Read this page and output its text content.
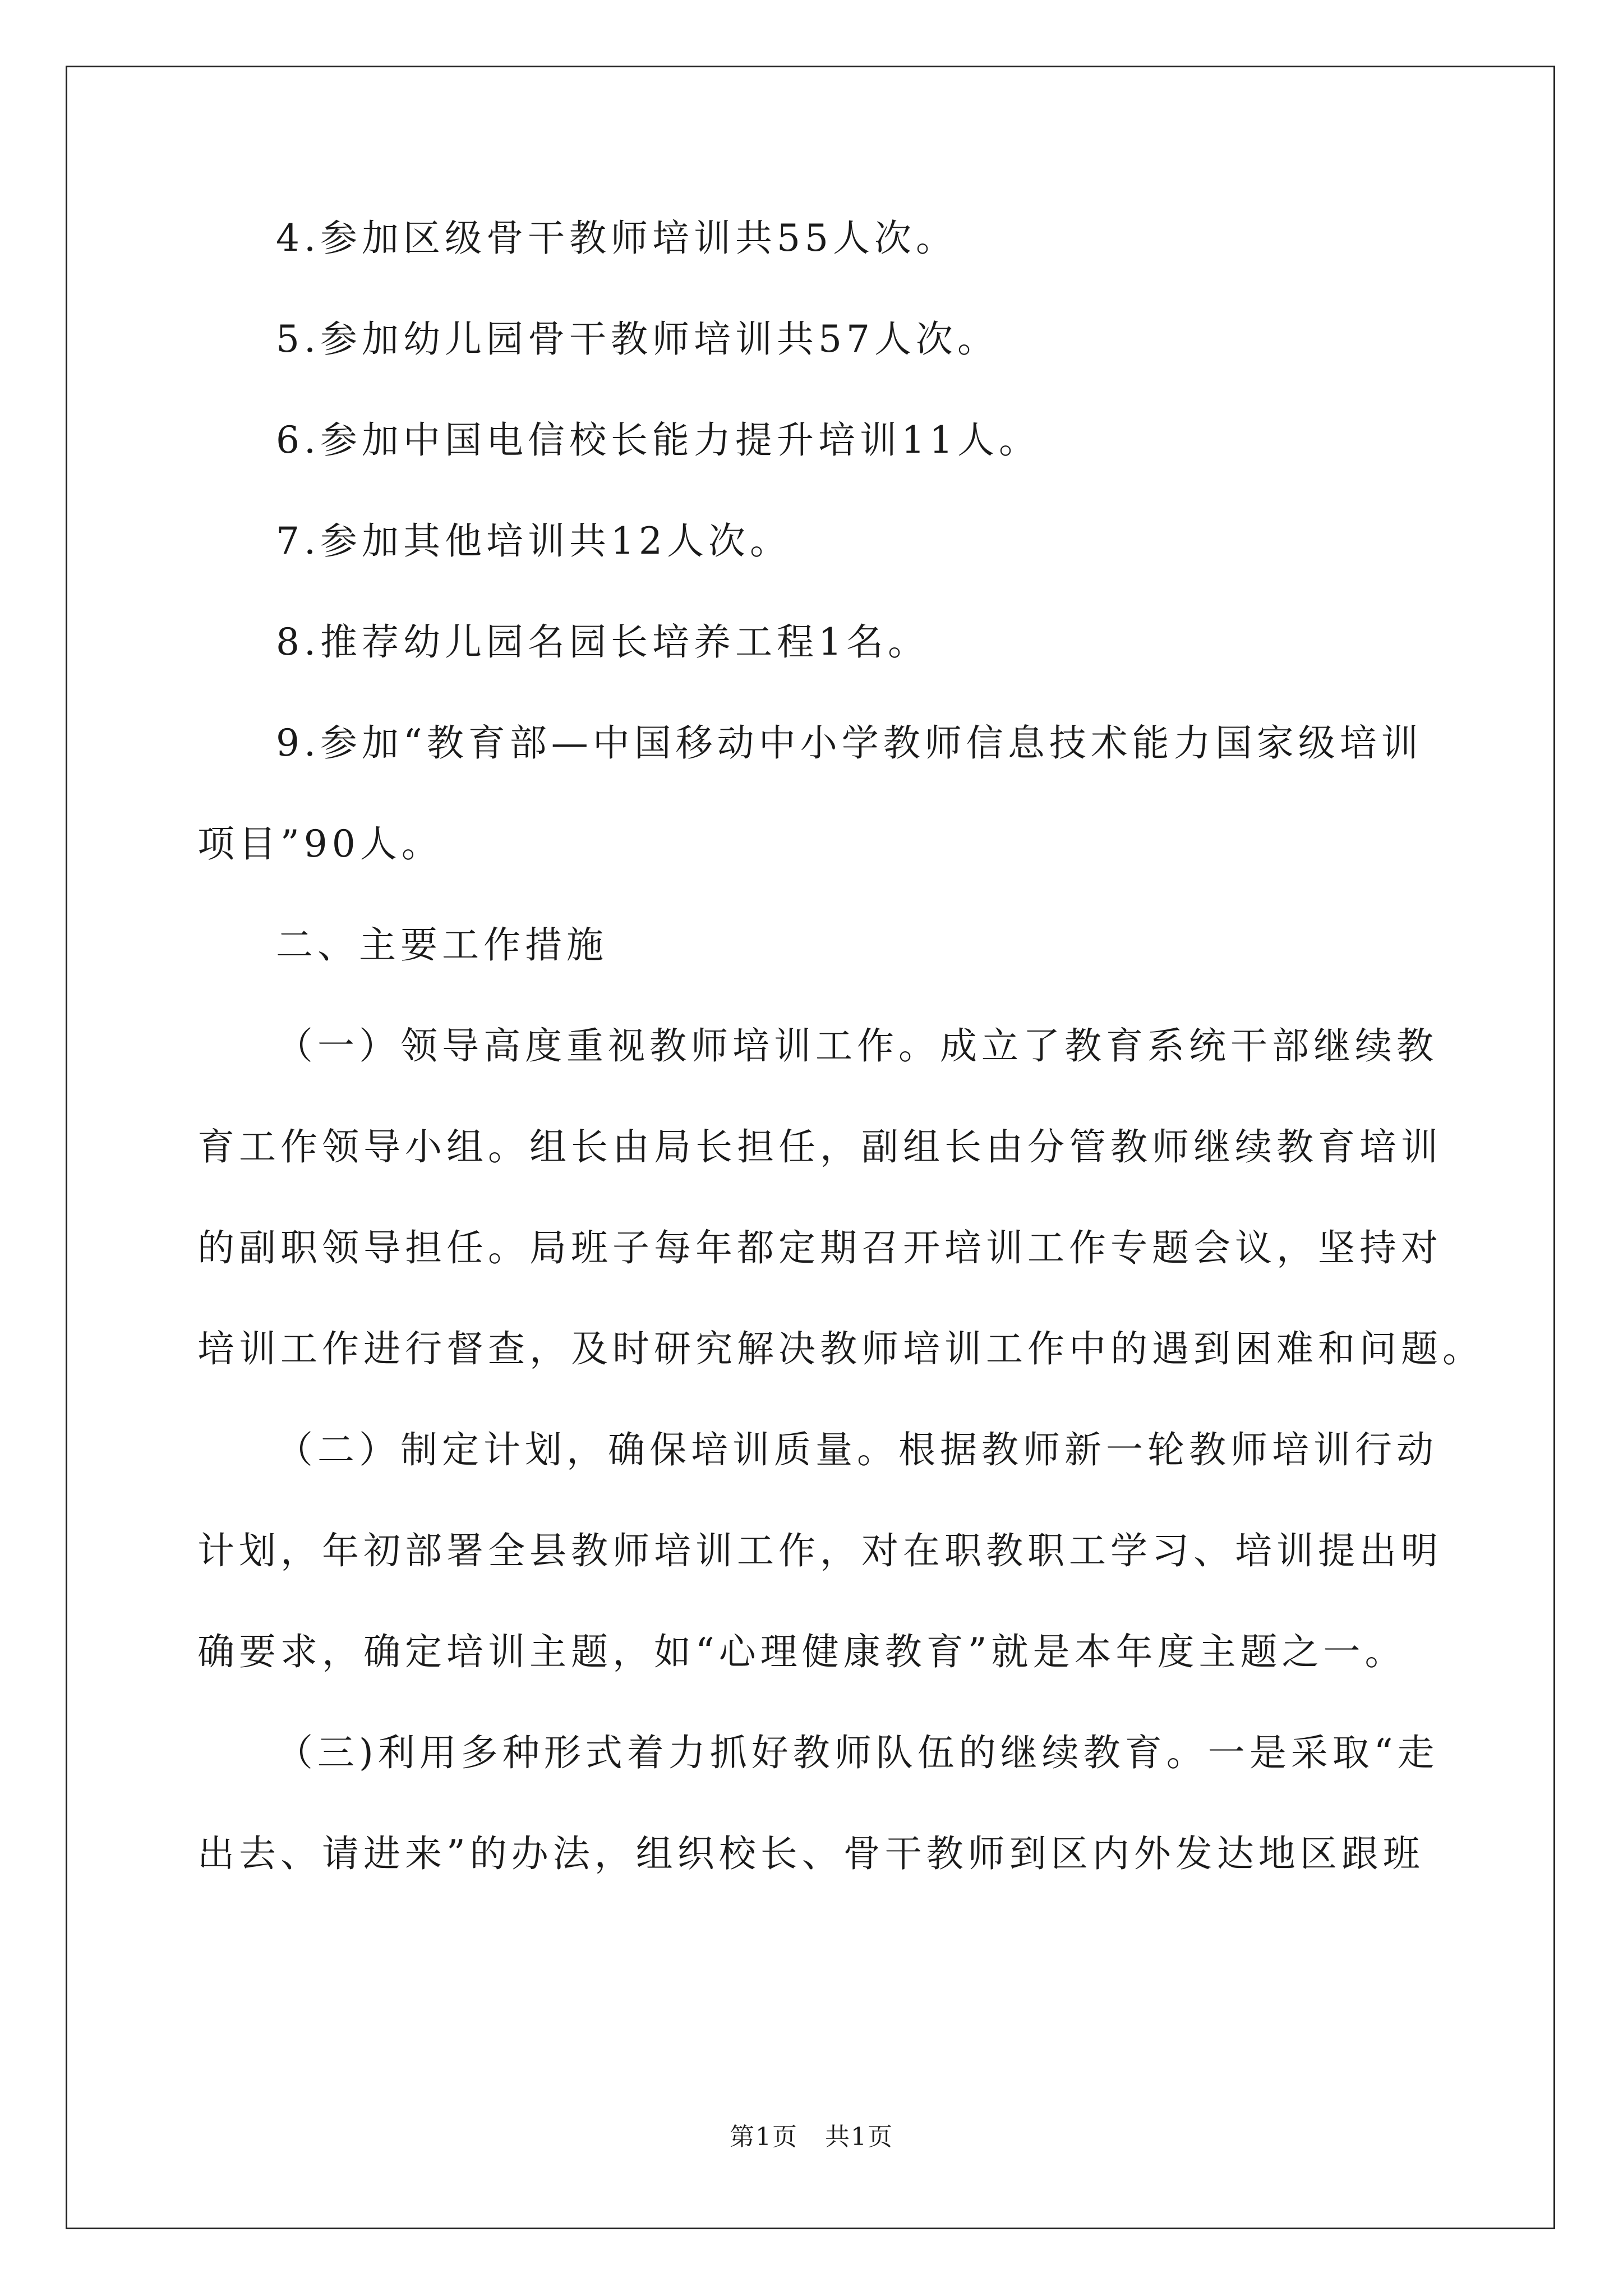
4.参加区级骨干教师培训共55人次。

5.参加幼儿园骨干教师培训共57人次。

6.参加中国电信校长能力提升培训11人。

7.参加其他培训共12人次。

8.推荐幼儿园名园长培养工程1名。

9.参加“教育部—中国移动中小学教师信息技术能力国家级培训

项目”90人。

二、主要工作措施

（一）领导高度重视教师培训工作。成立了教育系统干部继续教

育工作领导小组。组长由局长担任，副组长由分管教师继续教育培训

的副职领导担任。局班子每年都定期召开培训工作专题会议，坚持对

培训工作进行督查，及时研究解决教师培训工作中的遇到困难和问题。

（二）制定计划，确保培训质量。根据教师新一轮教师培训行动

计划，年初部署全县教师培训工作，对在职教职工学习、培训提出明

确要求，确定培训主题，如“心理健康教育”就是本年度主题之一。

（三)利用多种形式着力抓好教师队伍的继续教育。一是采取“走

出去、请进来”的办法，组织校长、骨干教师到区内外发达地区跟班

第1页   共1页
